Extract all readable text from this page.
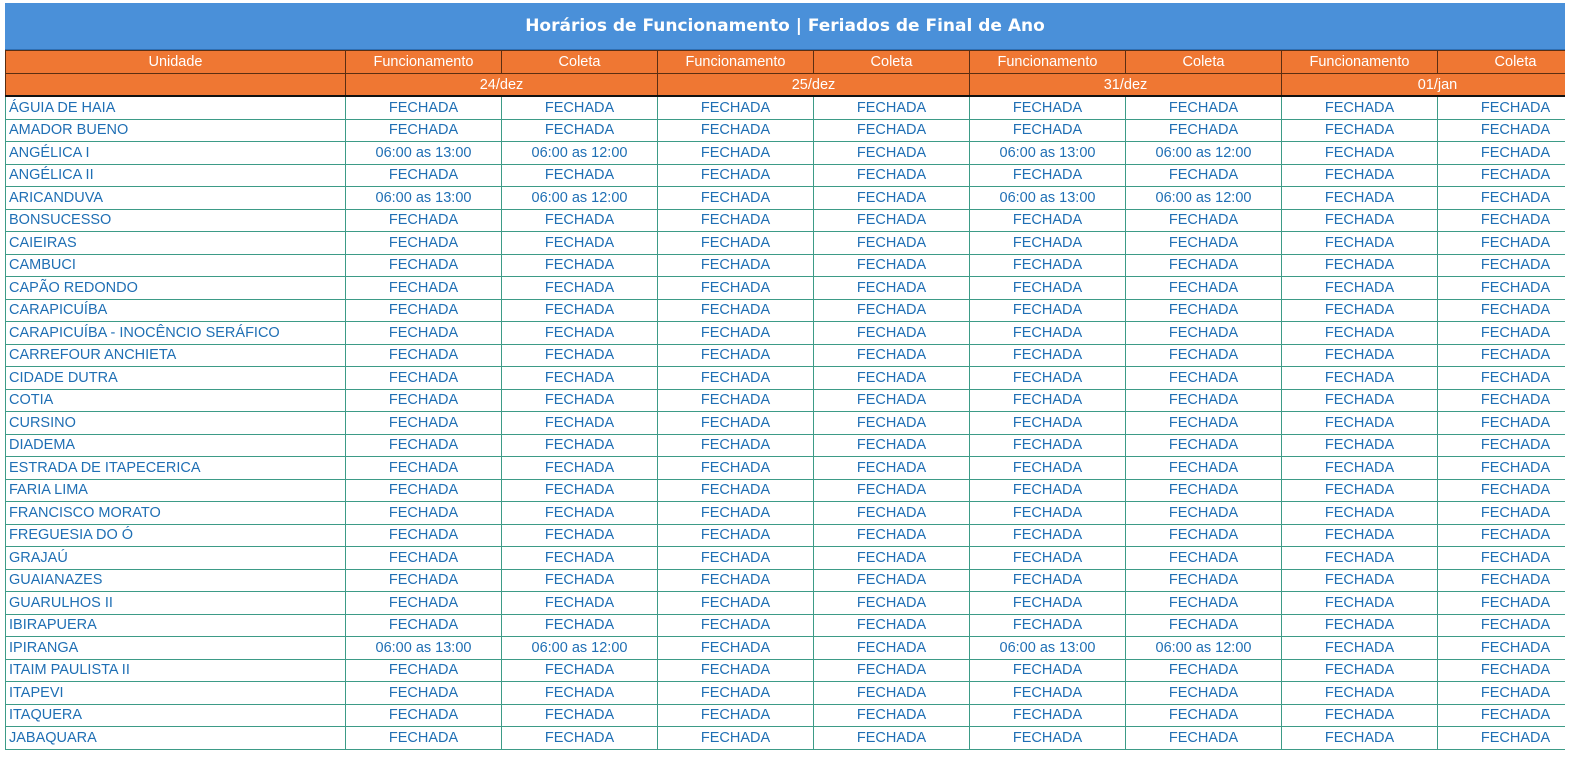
Horários de Funcionamento | Feriados de Final de Ano
Unidade	Funcionamento	Coleta	Funcionamento	Coleta	Funcionamento	Coleta	Funcionamento	Coleta
	24/dez		25/dez		31/dez		01/jan	
ÁGUIA DE HAIA	FECHADA	FECHADA	FECHADA	FECHADA	FECHADA	FECHADA	FECHADA	FECHADA
AMADOR BUENO	FECHADA	FECHADA	FECHADA	FECHADA	FECHADA	FECHADA	FECHADA	FECHADA
ANGÉLICA I	06:00 as 13:00	06:00 as 12:00	FECHADA	FECHADA	06:00 as 13:00	06:00 as 12:00	FECHADA	FECHADA
ANGÉLICA II	FECHADA	FECHADA	FECHADA	FECHADA	FECHADA	FECHADA	FECHADA	FECHADA
ARICANDUVA	06:00 as 13:00	06:00 as 12:00	FECHADA	FECHADA	06:00 as 13:00	06:00 as 12:00	FECHADA	FECHADA
BONSUCESSO	FECHADA	FECHADA	FECHADA	FECHADA	FECHADA	FECHADA	FECHADA	FECHADA
CAIEIRAS	FECHADA	FECHADA	FECHADA	FECHADA	FECHADA	FECHADA	FECHADA	FECHADA
CAMBUCI	FECHADA	FECHADA	FECHADA	FECHADA	FECHADA	FECHADA	FECHADA	FECHADA
CAPÃO REDONDO	FECHADA	FECHADA	FECHADA	FECHADA	FECHADA	FECHADA	FECHADA	FECHADA
CARAPICUÍBA	FECHADA	FECHADA	FECHADA	FECHADA	FECHADA	FECHADA	FECHADA	FECHADA
CARAPICUÍBA - INOCÊNCIO SERÁFICO	FECHADA	FECHADA	FECHADA	FECHADA	FECHADA	FECHADA	FECHADA	FECHADA
CARREFOUR ANCHIETA	FECHADA	FECHADA	FECHADA	FECHADA	FECHADA	FECHADA	FECHADA	FECHADA
CIDADE DUTRA	FECHADA	FECHADA	FECHADA	FECHADA	FECHADA	FECHADA	FECHADA	FECHADA
COTIA	FECHADA	FECHADA	FECHADA	FECHADA	FECHADA	FECHADA	FECHADA	FECHADA
CURSINO	FECHADA	FECHADA	FECHADA	FECHADA	FECHADA	FECHADA	FECHADA	FECHADA
DIADEMA	FECHADA	FECHADA	FECHADA	FECHADA	FECHADA	FECHADA	FECHADA	FECHADA
ESTRADA DE ITAPECERICA	FECHADA	FECHADA	FECHADA	FECHADA	FECHADA	FECHADA	FECHADA	FECHADA
FARIA LIMA	FECHADA	FECHADA	FECHADA	FECHADA	FECHADA	FECHADA	FECHADA	FECHADA
FRANCISCO MORATO	FECHADA	FECHADA	FECHADA	FECHADA	FECHADA	FECHADA	FECHADA	FECHADA
FREGUESIA DO Ó	FECHADA	FECHADA	FECHADA	FECHADA	FECHADA	FECHADA	FECHADA	FECHADA
GRAJAÚ	FECHADA	FECHADA	FECHADA	FECHADA	FECHADA	FECHADA	FECHADA	FECHADA
GUAIANAZES	FECHADA	FECHADA	FECHADA	FECHADA	FECHADA	FECHADA	FECHADA	FECHADA
GUARULHOS II	FECHADA	FECHADA	FECHADA	FECHADA	FECHADA	FECHADA	FECHADA	FECHADA
IBIRAPUERA	FECHADA	FECHADA	FECHADA	FECHADA	FECHADA	FECHADA	FECHADA	FECHADA
IPIRANGA	06:00 as 13:00	06:00 as 12:00	FECHADA	FECHADA	06:00 as 13:00	06:00 as 12:00	FECHADA	FECHADA
ITAIM PAULISTA II	FECHADA	FECHADA	FECHADA	FECHADA	FECHADA	FECHADA	FECHADA	FECHADA
ITAPEVI	FECHADA	FECHADA	FECHADA	FECHADA	FECHADA	FECHADA	FECHADA	FECHADA
ITAQUERA	FECHADA	FECHADA	FECHADA	FECHADA	FECHADA	FECHADA	FECHADA	FECHADA
JABAQUARA	FECHADA	FECHADA	FECHADA	FECHADA	FECHADA	FECHADA	FECHADA	FECHADA
